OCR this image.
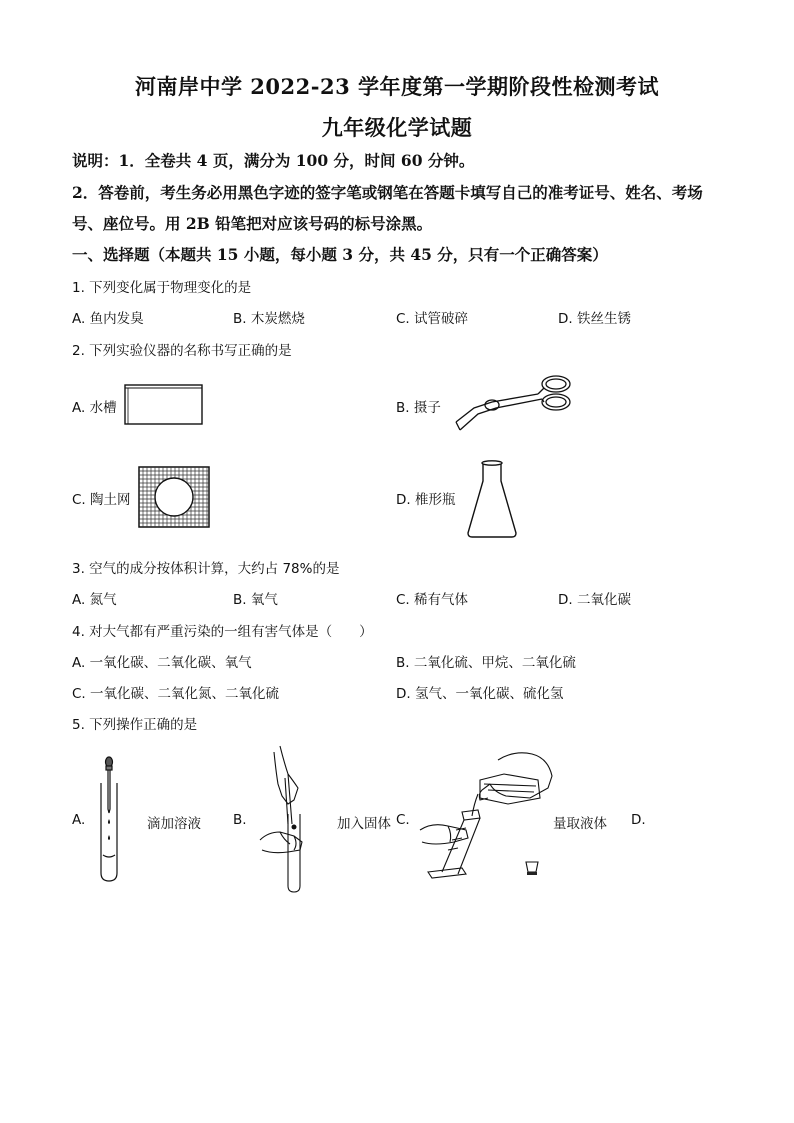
河南岸中学 2022-23 学年度第一学期阶段性检测考试
九年级化学试题
说明：1．全卷共 4 页，满分为 100 分，时间 60 分钟。
2．答卷前，考生务必用黑色字迹的签字笔或钢笔在答题卡填写自己的准考证号、姓名、考场
号、座位号。用 2B 铅笔把对应该号码的标号涂黑。
一、选择题（本题共 15 小题，每小题 3 分，共 45 分，只有一个正确答案）
1. 下列变化属于物理变化的是
A. 鱼内发臭	B. 木炭燃烧	C. 试管破碎	D. 铁丝生锈
2. 下列实验仪器的名称书写正确的是
A. 水槽	B. 摄子
C. 陶土网	D. 椎形瓶
3. 空气的成分按体积计算，大约占 78%的是
A. 氮气	B. 氧气	C. 稀有气体	D. 二氧化碳
4. 对大气都有严重污染的一组有害气体是（　　）
A. 一氧化碳、二氧化碳、氧气	B. 二氧化硫、甲烷、二氧化硫
C. 一氧化碳、二氧化氮、二氧化硫	D. 氢气、一氧化碳、硫化氢
5. 下列操作正确的是
A.	滴加溶液 B.	加入固体 C.	量取液体 D.
